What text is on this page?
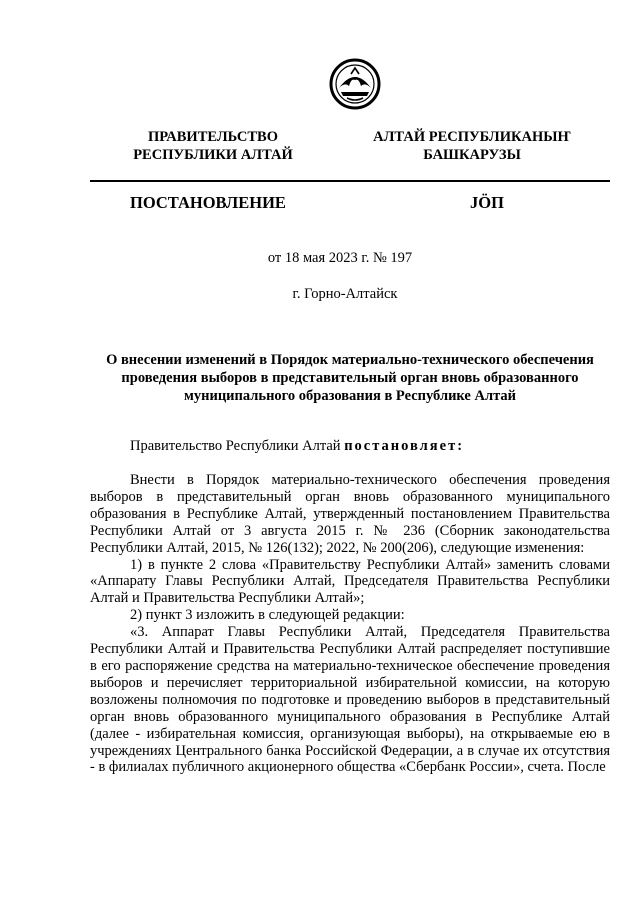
ПРАВИТЕЛЬСТВО
РЕСПУБЛИКИ АЛТАЙ
АЛТАЙ РЕСПУБЛИКАНЫҤ
БАШКАРУЗЫ
ПОСТАНОВЛЕНИЕ	JӦП
от 18 мая 2023 г. № 197
г. Горно-Алтайск
О внесении изменений в Порядок материально-технического обеспечения проведения выборов в представительный орган вновь образованного муниципального образования в Республике Алтай
Правительство Республики Алтай постановляет:

Внести в Порядок материально-технического обеспечения проведения выборов в представительный орган вновь образованного муниципального образования в Республике Алтай, утвержденный постановлением Правительства Республики Алтай от 3 августа 2015 г. № 236 (Сборник законодательства Республики Алтай, 2015, № 126(132); 2022, № 200(206), следующие изменения:

1) в пункте 2 слова «Правительству Республики Алтай» заменить словами «Аппарату Главы Республики Алтай, Председателя Правительства Республики Алтай и Правительства Республики Алтай»;

2) пункт 3 изложить в следующей редакции:

«3. Аппарат Главы Республики Алтай, Председателя Правительства Республики Алтай и Правительства Республики Алтай распределяет поступившие в его распоряжение средства на материально-техническое обеспечение проведения выборов и перечисляет территориальной избирательной комиссии, на которую возложены полномочия по подготовке и проведению выборов в представительный орган вновь образованного муниципального образования в Республике Алтай (далее - избирательная комиссия, организующая выборы), на открываемые ею в учреждениях Центрального банка Российской Федерации, а в случае их отсутствия - в филиалах публичного акционерного общества «Сбербанк России», счета. После
